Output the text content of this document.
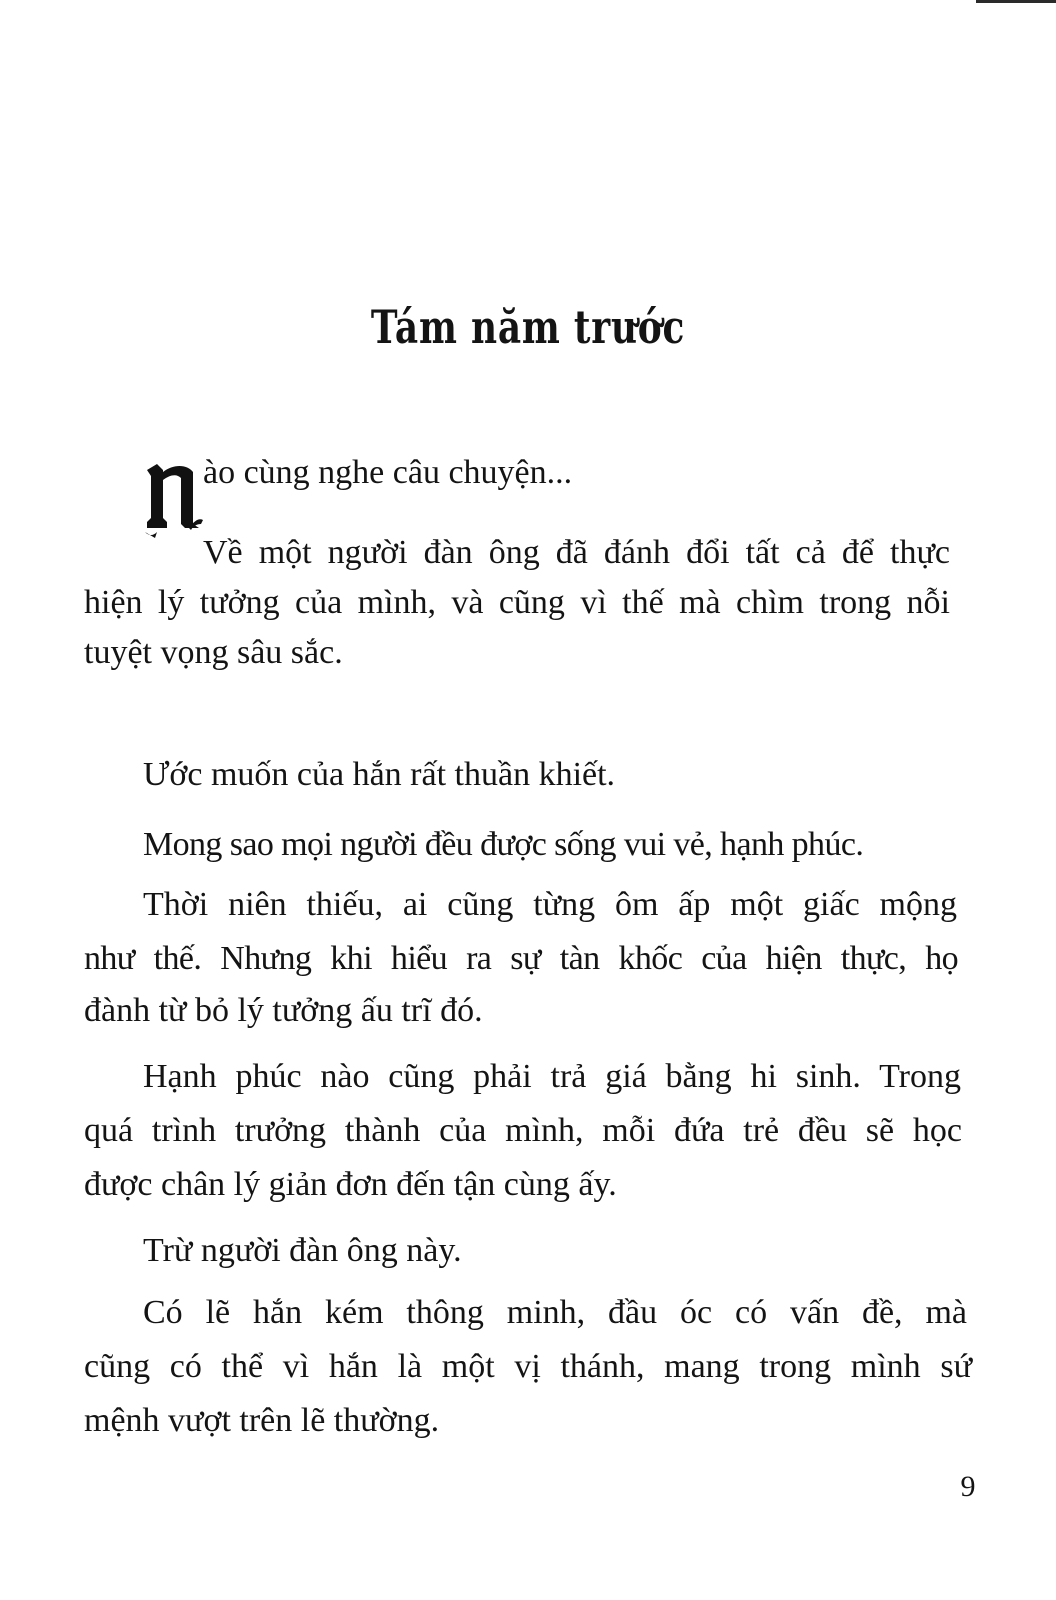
Tám năm trước
ào cùng nghe câu chuyện...
Về một người đàn ông đã đánh đổi tất cả để thực
hiện lý tưởng của mình, và cũng vì thế mà chìm trong nỗi
tuyệt vọng sâu sắc.
Ước muốn của hắn rất thuần khiết.
Mong sao mọi người đều được sống vui vẻ, hạnh phúc.
Thời niên thiếu, ai cũng từng ôm ấp một giấc mộng
như thế. Nhưng khi hiểu ra sự tàn khốc của hiện thực, họ
đành từ bỏ lý tưởng ấu trĩ đó.
Hạnh phúc nào cũng phải trả giá bằng hi sinh. Trong
quá trình trưởng thành của mình, mỗi đứa trẻ đều sẽ học
được chân lý giản đơn đến tận cùng ấy.
Trừ người đàn ông này.
Có lẽ hắn kém thông minh, đầu óc có vấn đề, mà
cũng có thể vì hắn là một vị thánh, mang trong mình sứ
mệnh vượt trên lẽ thường.
9
